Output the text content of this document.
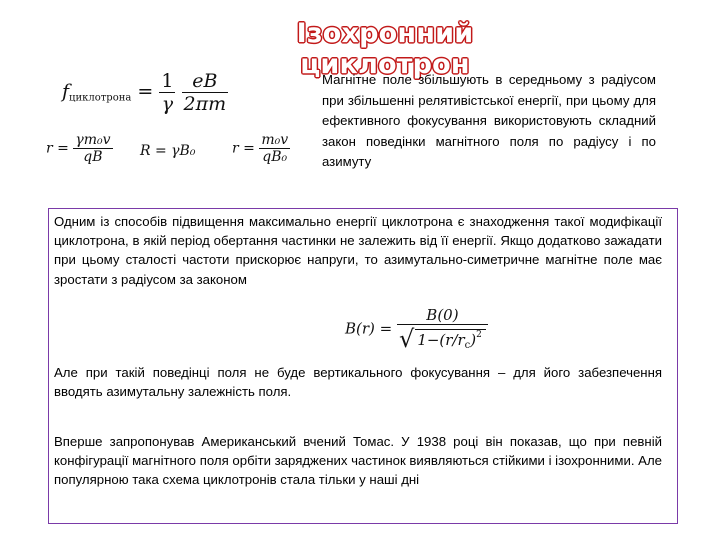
Ізохронний циклотрон
$f_{циклотрона} = \frac{1}{\gamma}$
$\frac{eB}{2\pi m}$
$r = \frac{\text{γm₀v}}{qB}$ R = γB₀	$r = \frac{\text{m₀v}}{\text{qB₀}}$
Магнітне поле збільшують в середньому з радіусом при збільшенні релятивістської енергії, при цьому для ефективного фокусування використовують складний закон поведінки магнітного поля по радіусу і по азимуту
Одним із способів підвищення максимально енергії циклотрона є знаходження такої модифікації циклотрона, в якій період обертання частинки не залежить від її енергії. Якщо додатково зажадати при цьому сталості частоти прискорює напруги, то азимутально-симетричне магнітне поле має зростати з радіусом за законом
$B(r) = \frac{B(0)}{√ 1-(r/r_c)^2}$
Але при такій поведінці поля не буде вертикального фокусування – для його забезпечення вводять азимутальну залежність поля.
Вперше запропонував Американський вчений Томас. У 1938 році він показав, що при певній конфігурації магнітного поля орбіти заряджених частинок виявляються стійкими і ізохронними. Але популярною така схема циклотронів стала тільки у наші дні
